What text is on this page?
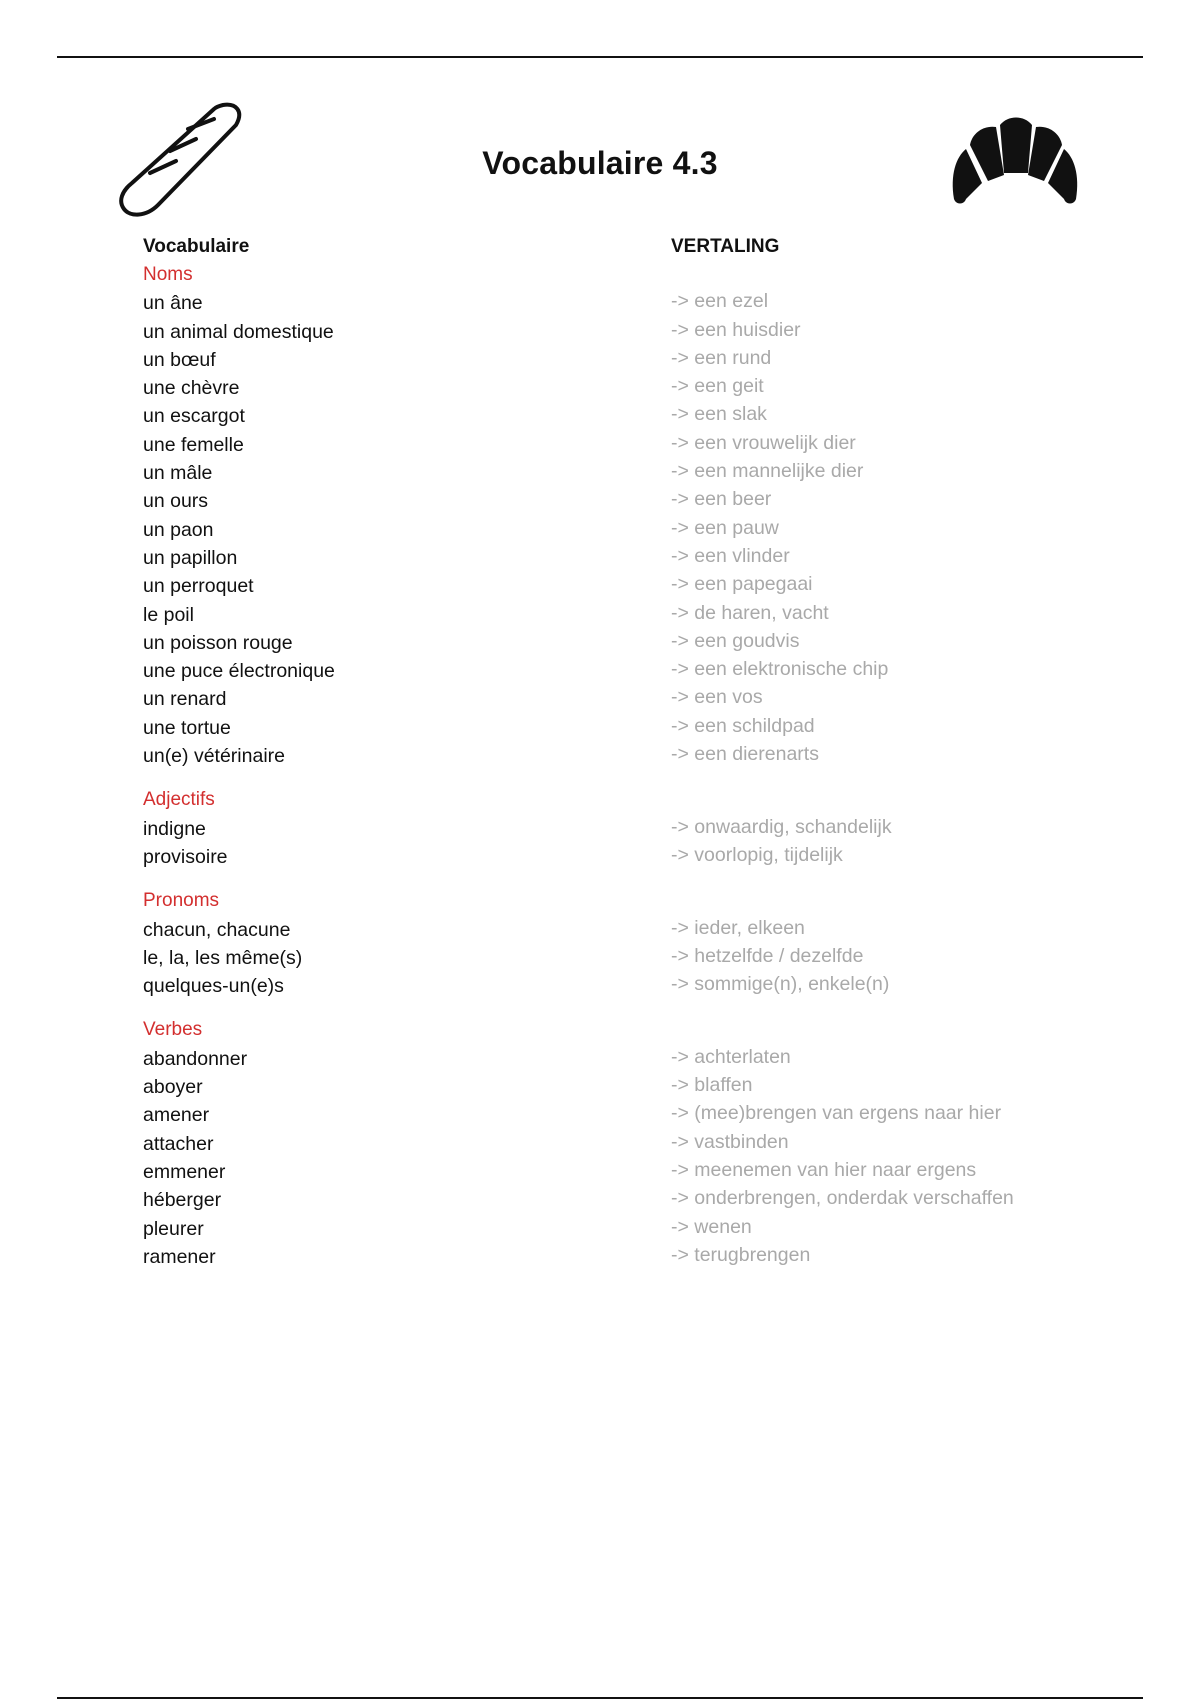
Vocabulaire 4.3
Vocabulaire	VERTALING
Noms
un âne	-> een ezel
un animal domestique	-> een huisdier
un bœuf	-> een rund
une chèvre	-> een geit
un escargot	-> een slak
une femelle	-> een vrouwelijk dier
un mâle	-> een mannelijke dier
un ours	-> een beer
un paon	-> een pauw
un papillon	-> een vlinder
un perroquet	-> een papegaai
le poil	-> de haren, vacht
un poisson rouge	-> een goudvis
une puce électronique	-> een elektronische chip
un renard	-> een vos
une tortue	-> een schildpad
un(e) vétérinaire	-> een dierenarts
Adjectifs
indigne	-> onwaardig, schandelijk
provisoire	-> voorlopig, tijdelijk
Pronoms
chacun, chacune	-> ieder, elkeen
le, la, les même(s)	-> hetzelfde / dezelfde
quelques-un(e)s	-> sommige(n), enkele(n)
Verbes
abandonner	-> achterlaten
aboyer	-> blaffen
amener	-> (mee)brengen van ergens naar hier
attacher	-> vastbinden
emmener	-> meenemen van hier naar ergens
héberger	-> onderbrengen, onderdak verschaffen
pleurer	-> wenen
ramener	-> terugbrengen
